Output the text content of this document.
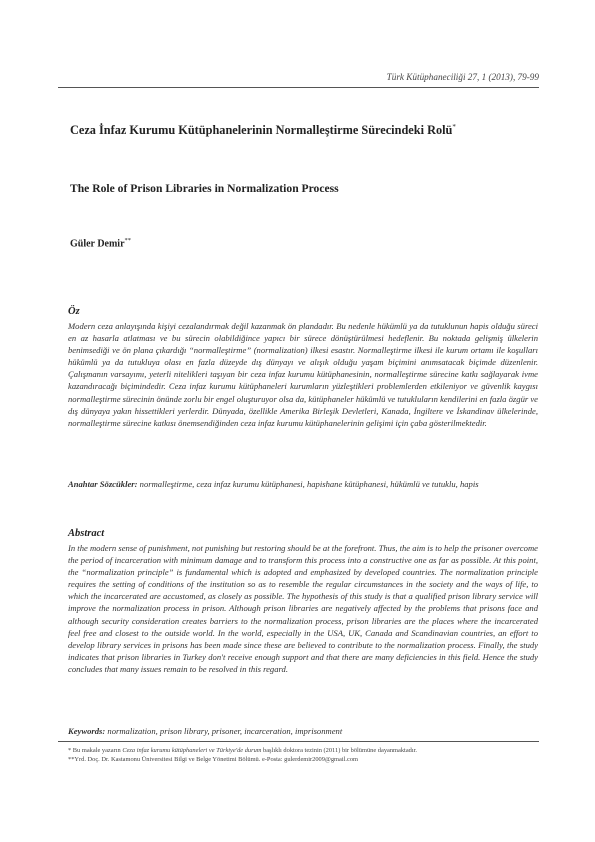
Türk Kütüphaneciliği 27, 1 (2013), 79-99
Ceza İnfaz Kurumu Kütüphanelerinin Normalleştirme Sürecindeki Rolü*
The Role of Prison Libraries in Normalization Process
Güler Demir**
Öz
Modern ceza anlayışında kişiyi cezalandırmak değil kazanmak ön plandadır. Bu nedenle hükümlü ya da tutuklunun hapis olduğu süreci en az hasarla atlatması ve bu sürecin olabildiğince yapıcı bir sürece dönüştürülmesi hedeflenir. Bu noktada gelişmiş ülkelerin benimsediği ve ön plana çıkardığı “normalleştirme” (normalization) ilkesi esastır. Normalleştirme ilkesi ile kurum ortamı ile koşulları hükümlü ya da tutukluya olası en fazla düzeyde dış dünyayı ve alışık olduğu yaşam biçimini anımsatacak biçimde düzenlenir. Çalışmanın varsayımı, yeterli nitelikleri taşıyan bir ceza infaz kurumu kütüphanesinin, normalleştirme sürecine katkı sağlayarak ivme kazandıracağı biçimindedir. Ceza infaz kurumu kütüphaneleri kurumların yüzleştikleri problemlerden etkileniyor ve güvenlik kaygısı normalleştirme sürecinin önünde zorlu bir engel oluşturuyor olsa da, kütüphaneler hükümlü ve tutukluların kendilerini en fazla özgür ve dış dünyaya yakın hissettikleri yerlerdir. Dünyada, özellikle Amerika Birleşik Devletleri, Kanada, İngiltere ve İskandinav ülkelerinde, normalleştirme sürecine katkısı önemsendiğinden ceza infaz kurumu kütüphanelerinin gelişimi için çaba gösterilmektedir.
Anahtar Sözcükler: normalleştirme, ceza infaz kurumu kütüphanesi, hapishane kütüphanesi, hükümlü ve tutuklu, hapis
Abstract
In the modern sense of punishment, not punishing but restoring should be at the forefront. Thus, the aim is to help the prisoner overcome the period of incarceration with minimum damage and to transform this process into a constructive one as far as possible. At this point, the “normalization principle” is fundamental which is adopted and emphasized by developed countries. The normalization principle requires the setting of conditions of the institution so as to resemble the regular circumstances in the society and the ways of life, to which the incarcerated are accustomed, as closely as possible. The hypothesis of this study is that a qualified prison library service will improve the normalization process in prison. Although prison libraries are negatively affected by the problems that prisons face and although security consideration creates barriers to the normalization process, prison libraries are the places where the incarcerated feel free and closest to the outside world. In the world, especially in the USA, UK, Canada and Scandinavian countries, an effort to develop library services in prisons has been made since these are believed to contribute to the normalization process. Finally, the study indicates that prison libraries in Turkey don't receive enough support and that there are many deficiencies in this field. Hence the study concludes that many issues remain to be resolved in this regard.
Keywords: normalization, prison library, prisoner, incarceration, imprisonment
* Bu makale yazarın Ceza infaz kurumu kütüphaneleri ve Türkiye'de durum başlıklı doktora tezinin (2011) bir bölümüne dayanmaktadır.
**Yrd. Doç. Dr. Kastamonu Üniversitesi Bilgi ve Belge Yönetimi Bölümü. e-Posta: gulerdemir2009@gmail.com
